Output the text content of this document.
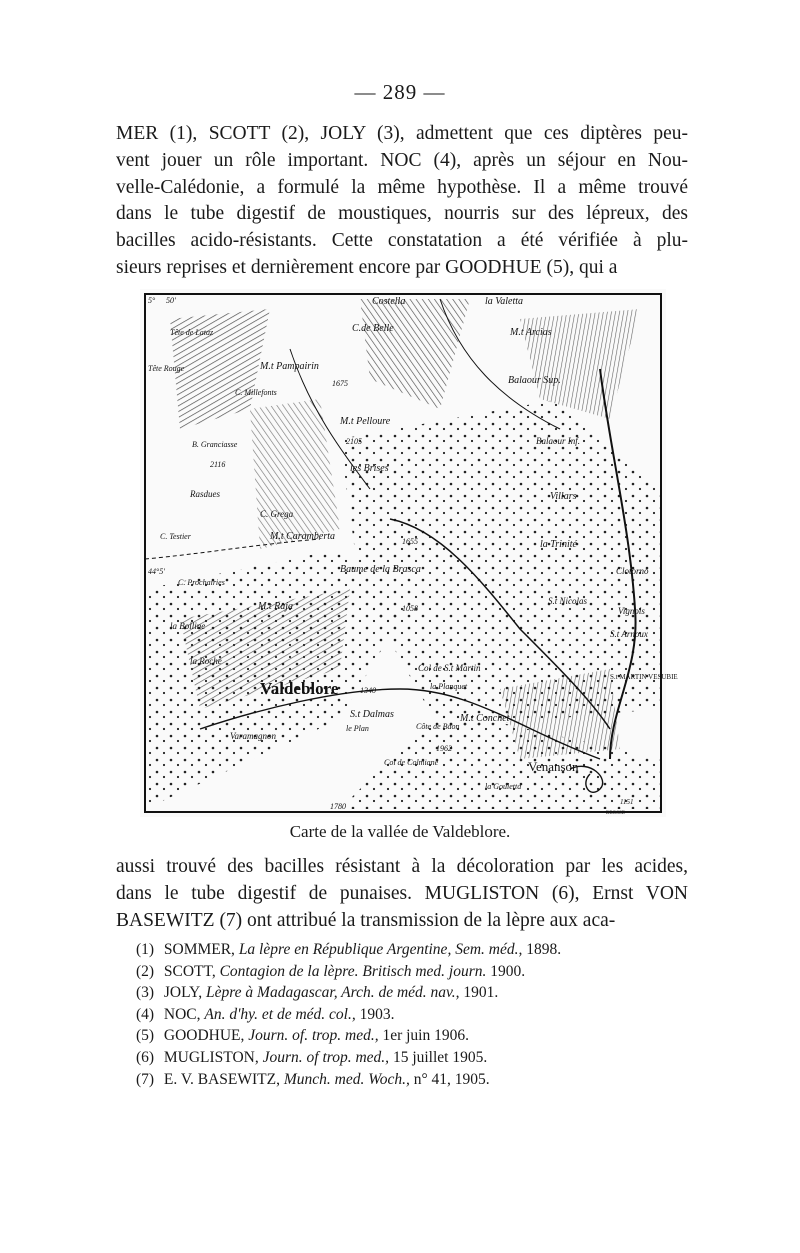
— 289 —

MER (1), SCOTT (2), JOLY (3), admettent que ces diptères peu-
vent jouer un rôle important. NOC (4), après un séjour en Nou-
velle-Calédonie, a formulé la même hypothèse. Il a même trouvé
dans le tube digestif de moustiques, nourris sur des lépreux, des
bacilles acido-résistants. Cette constatation a été vérifiée à plu-
sieurs reprises et dernièrement encore par GOODHUE (5), qui a

5° 50'	Costella	la Valetta
C.de Belle	M.t Arcias
Tête de Lataz
Tête Rouge	M.t Pampairin
C. Millefonts
1675	Balaour Sup.
M.t Pelloure
2105
B. Granciasse
2116
Balaour Inf.
les Brises
Rasdues
C. Grega
Villars
C. Testier	M.t Caramberta	1655	la Trinité
44°5'
C. Prochairies
Baume de la Brasca	Clotorno
M.t Raja	S.t Nicolas
Vignols
la Bolline
1058
S.t Arnoux
la Roche
Col de S.t Martin
S.t MARTIN VESUBIE
Valdeblore	1340	la Planquet
S.t Dalmas	M.t Conchet
le Plan	Côte de Baon
Varamagnon
1962
Col de Colmiane	Venanson
la Gouletta
1780	1151
BROSSE
Carte de la vallée de Valdeblore.

aussi trouvé des bacilles résistant à la décoloration par les acides,
dans le tube digestif de punaises. MUGLISTON (6), Ernst VON
BASEWITZ (7) ont attribué la transmission de la lèpre aux aca-

(1) SOMMER, La lèpre en République Argentine, Sem. méd., 1898.
(2) SCOTT, Contagion de la lèpre. Britisch med. journ. 1900.
(3) JOLY, Lèpre à Madagascar, Arch. de méd. nav., 1901.
(4) NOC, An. d'hy. et de méd. col., 1903.
(5) GOODHUE, Journ. of. trop. med., 1er juin 1906.
(6) MUGLISTON, Journ. of trop. med., 15 juillet 1905.
(7) E. V. BASEWITZ, Munch. med. Woch., n° 41, 1905.
